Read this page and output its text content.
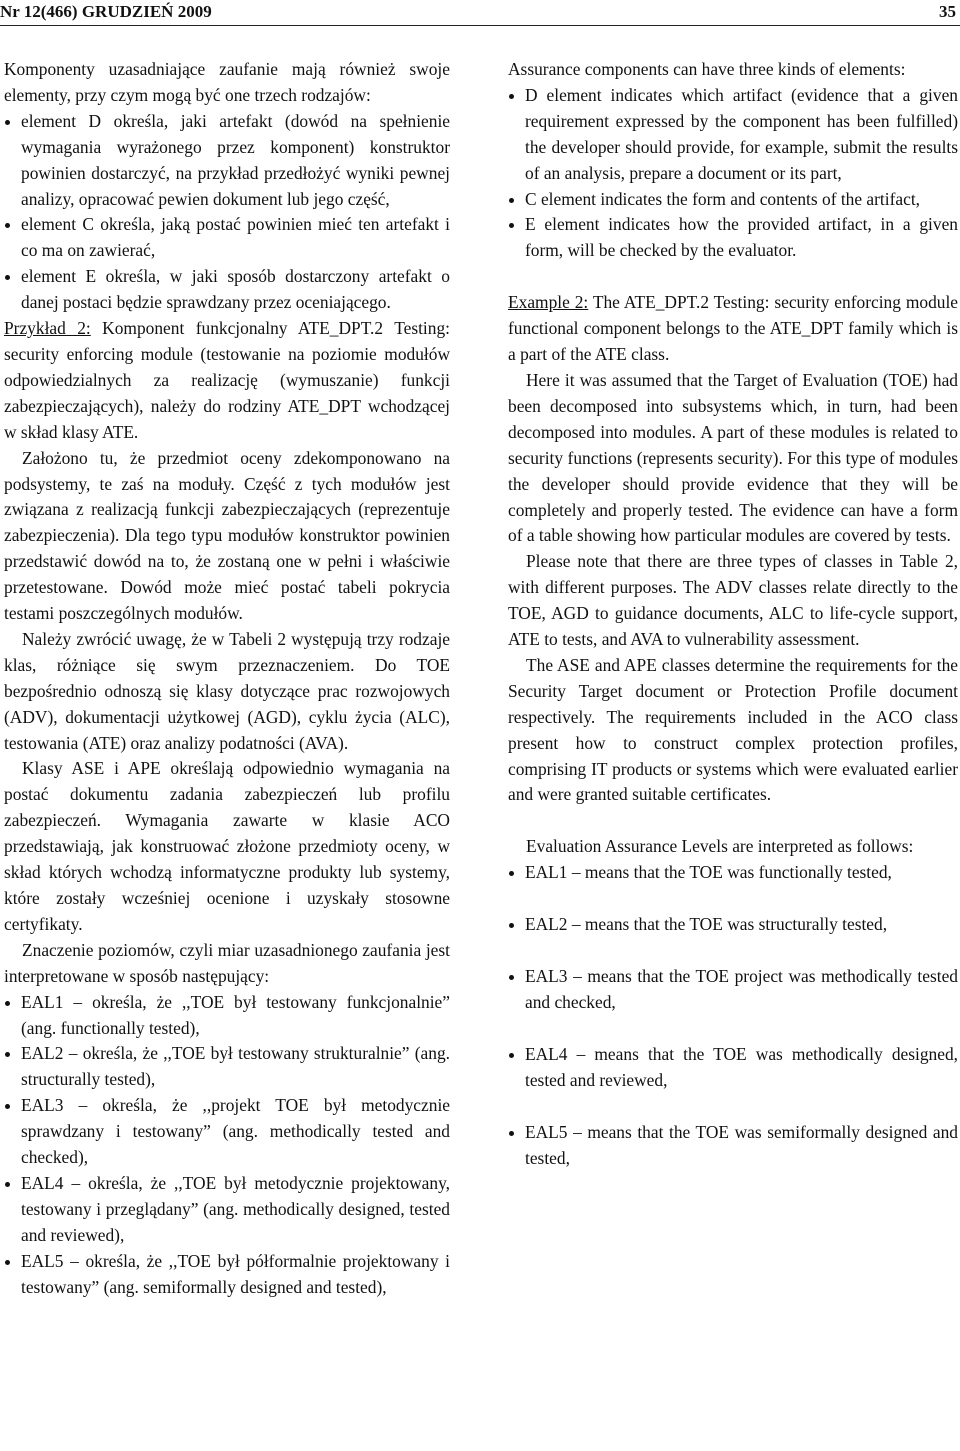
Nr 12(466) GRUDZIEŃ 2009	35

Komponenty uzasadniające zaufanie mają również swoje elementy, przy czym mogą być one trzech rodzajów:

element D określa, jaki artefakt (dowód na spełnienie wymagania wyrażonego przez komponent) konstruktor powinien dostarczyć, na przykład przedłożyć wyniki pewnej analizy, opracować pewien dokument lub jego część,
element C określa, jaką postać powinien mieć ten artefakt i co ma on zawierać,
element E określa, w jaki sposób dostarczony artefakt o danej postaci będzie sprawdzany przez oceniającego.

Przykład 2: Komponent funkcjonalny ATE_DPT.2 Testing: security enforcing module (testowanie na poziomie modułów odpowiedzialnych za realizację (wymuszanie) funkcji zabezpieczających), należy do rodziny ATE_DPT wchodzącej w skład klasy ATE.

Założono tu, że przedmiot oceny zdekomponowano na podsystemy, te zaś na moduły. Część z tych modułów jest związana z realizacją funkcji zabezpieczających (reprezentuje zabezpieczenia). Dla tego typu modułów konstruktor powinien przedstawić dowód na to, że zostaną one w pełni i właściwie przetestowane. Dowód może mieć postać tabeli pokrycia testami poszczególnych modułów.

Należy zwrócić uwagę, że w Tabeli 2 występują trzy rodzaje klas, różniące się swym przeznaczeniem. Do TOE bezpośrednio odnoszą się klasy dotyczące prac rozwojowych (ADV), dokumentacji użytkowej (AGD), cyklu życia (ALC), testowania (ATE) oraz analizy podatności (AVA).

Klasy ASE i APE określają odpowiednio wymagania na postać dokumentu zadania zabezpieczeń lub profilu zabezpieczeń. Wymagania zawarte w klasie ACO przedstawiają, jak konstruować złożone przedmioty oceny, w skład których wchodzą informatyczne produkty lub systemy, które zostały wcześniej ocenione i uzyskały stosowne certyfikaty.

Znaczenie poziomów, czyli miar uzasadnionego zaufania jest interpretowane w sposób następujący:

EAL1 – określa, że ,,TOE był testowany funkcjonalnie” (ang. functionally tested),
EAL2 – określa, że ,,TOE był testowany strukturalnie” (ang. structurally tested),
EAL3 – określa, że ,,projekt TOE był metodycznie sprawdzany i testowany” (ang. methodically tested and checked),
EAL4 – określa, że ,,TOE był metodycznie projektowany, testowany i przeglądany” (ang. methodically designed, tested and reviewed),
EAL5 – określa, że ,,TOE był półformalnie projektowany i testowany” (ang. semiformally designed and tested),

Assurance components can have three kinds of elements:

D element indicates which artifact (evidence that a given requirement expressed by the component has been fulfilled) the developer should provide, for example, submit the results of an analysis, prepare a document or its part,
C element indicates the form and contents of the artifact,
E element indicates how the provided artifact, in a given form, will be checked by the evaluator.

Example 2: The ATE_DPT.2 Testing: security enforcing module functional component belongs to the ATE_DPT family which is a part of the ATE class.

Here it was assumed that the Target of Evaluation (TOE) had been decomposed into subsystems which, in turn, had been decomposed into modules. A part of these modules is related to security functions (represents security). For this type of modules the developer should provide evidence that they will be completely and properly tested. The evidence can have a form of a table showing how particular modules are covered by tests.

Please note that there are three types of classes in Table 2, with different purposes. The ADV classes relate directly to the TOE, AGD to guidance documents, ALC to life-cycle support, ATE to tests, and AVA to vulnerability assessment.

The ASE and APE classes determine the requirements for the Security Target document or Protection Profile document respectively. The requirements included in the ACO class present how to construct complex protection profiles, comprising IT products or systems which were evaluated earlier and were granted suitable certificates.

Evaluation Assurance Levels are interpreted as follows:

EAL1 – means that the TOE was functionally tested,
EAL2 – means that the TOE was structurally tested,
EAL3 – means that the TOE project was methodically tested and checked,
EAL4 – means that the TOE was methodically designed, tested and reviewed,
EAL5 – means that the TOE was semiformally designed and tested,
